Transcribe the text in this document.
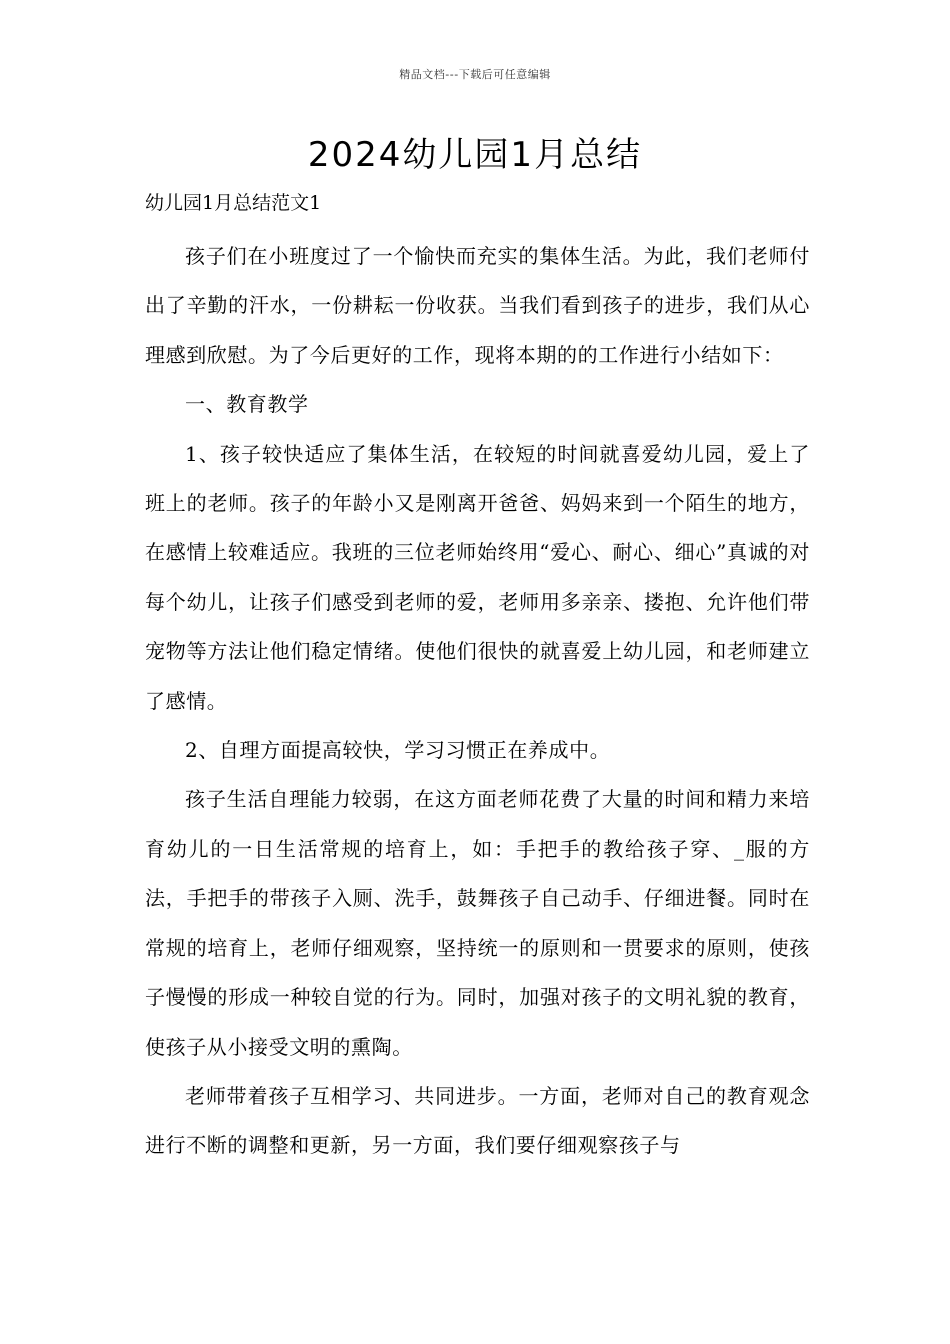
精品文档---下载后可任意编辑
2024幼儿园1月总结
幼儿园1月总结范文1

孩子们在小班度过了一个愉快而充实的集体生活。为此，我们老师付出了辛勤的汗水，一份耕耘一份收获。当我们看到孩子的进步，我们从心理感到欣慰。为了今后更好的工作，现将本期的的工作进行小结如下：

一、教育教学

1、孩子较快适应了集体生活，在较短的时间就喜爱幼儿园，爱上了班上的老师。孩子的年龄小又是刚离开爸爸、妈妈来到一个陌生的地方，在感情上较难适应。我班的三位老师始终用“爱心、耐心、细心”真诚的对每个幼儿，让孩子们感受到老师的爱，老师用多亲亲、搂抱、允许他们带宠物等方法让他们稳定情绪。使他们很快的就喜爱上幼儿园，和老师建立了感情。

2、自理方面提高较快，学习习惯正在养成中。

孩子生活自理能力较弱，在这方面老师花费了大量的时间和精力来培育幼儿的一日生活常规的培育上，如：手把手的教给孩子穿、_服的方法，手把手的带孩子入厕、洗手，鼓舞孩子自己动手、仔细进餐。同时在常规的培育上，老师仔细观察，坚持统一的原则和一贯要求的原则，使孩子慢慢的形成一种较自觉的行为。同时，加强对孩子的文明礼貌的教育，使孩子从小接受文明的熏陶。

老师带着孩子互相学习、共同进步。一方面，老师对自己的教育观念进行不断的调整和更新，另一方面，我们要仔细观察孩子与
